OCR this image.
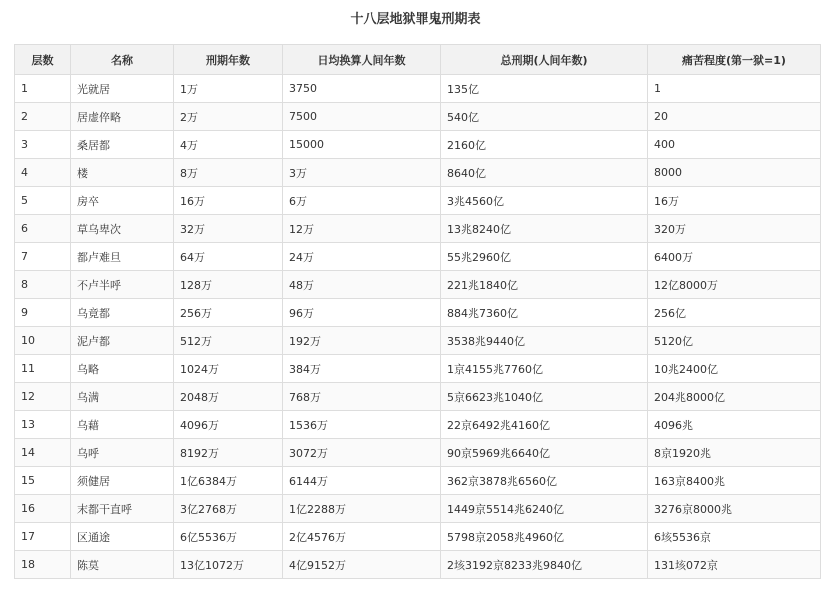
十八层地狱罪鬼刑期表
层数	名称	刑期年数	日均换算人间年数	总刑期(人间年数)	痛苦程度(第一狱=1)
1	光就居	1万	3750	135亿	1
2	居虚倅略	2万	7500	540亿	20
3	桑居都	4万	15000	2160亿	400
4	楼	8万	3万	8640亿	8000
5	房卒	16万	6万	3兆4560亿	16万
6	草乌卑次	32万	12万	13兆8240亿	320万
7	都卢难旦	64万	24万	55兆2960亿	6400万
8	不卢半呼	128万	48万	221兆1840亿	12亿8000万
9	乌竟都	256万	96万	884兆7360亿	256亿
10	泥卢都	512万	192万	3538兆9440亿	5120亿
11	乌略	1024万	384万	1京4155兆7760亿	10兆2400亿
12	乌满	2048万	768万	5京6623兆1040亿	204兆8000亿
13	乌藉	4096万	1536万	22京6492兆4160亿	4096兆
14	乌呼	8192万	3072万	90京5969兆6640亿	8京1920兆
15	须健居	1亿6384万	6144万	362京3878兆6560亿	163京8400兆
16	末都干直呼	3亿2768万	1亿2288万	1449京5514兆6240亿	3276京8000兆
17	区通途	6亿5536万	2亿4576万	5798京2058兆4960亿	6垓5536京
18	陈莫	13亿1072万	4亿9152万	2垓3192京8233兆9840亿	131垓072京
